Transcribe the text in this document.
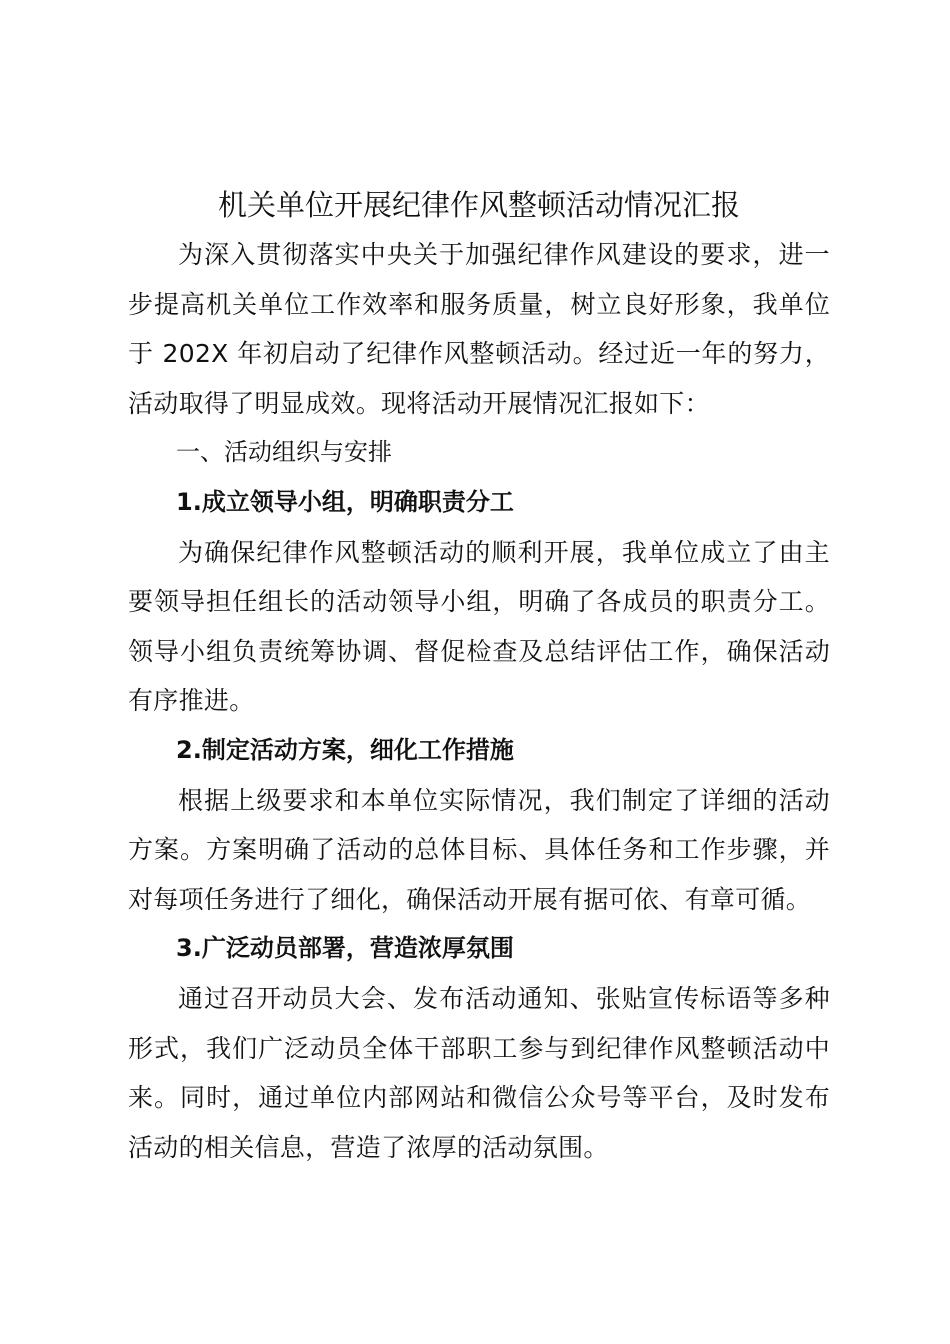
机关单位开展纪律作风整顿活动情况汇报

为深入贯彻落实中央关于加强纪律作风建设的要求，进一步提高机关单位工作效率和服务质量，树立良好形象，我单位于 202X 年初启动了纪律作风整顿活动。经过近一年的努力，活动取得了明显成效。现将活动开展情况汇报如下：

一、活动组织与安排

1.成立领导小组，明确职责分工

为确保纪律作风整顿活动的顺利开展，我单位成立了由主要领导担任组长的活动领导小组，明确了各成员的职责分工。领导小组负责统筹协调、督促检查及总结评估工作，确保活动有序推进。

2.制定活动方案，细化工作措施

根据上级要求和本单位实际情况，我们制定了详细的活动方案。方案明确了活动的总体目标、具体任务和工作步骤，并对每项任务进行了细化，确保活动开展有据可依、有章可循。

3.广泛动员部署，营造浓厚氛围

通过召开动员大会、发布活动通知、张贴宣传标语等多种形式，我们广泛动员全体干部职工参与到纪律作风整顿活动中来。同时，通过单位内部网站和微信公众号等平台，及时发布活动的相关信息，营造了浓厚的活动氛围。
